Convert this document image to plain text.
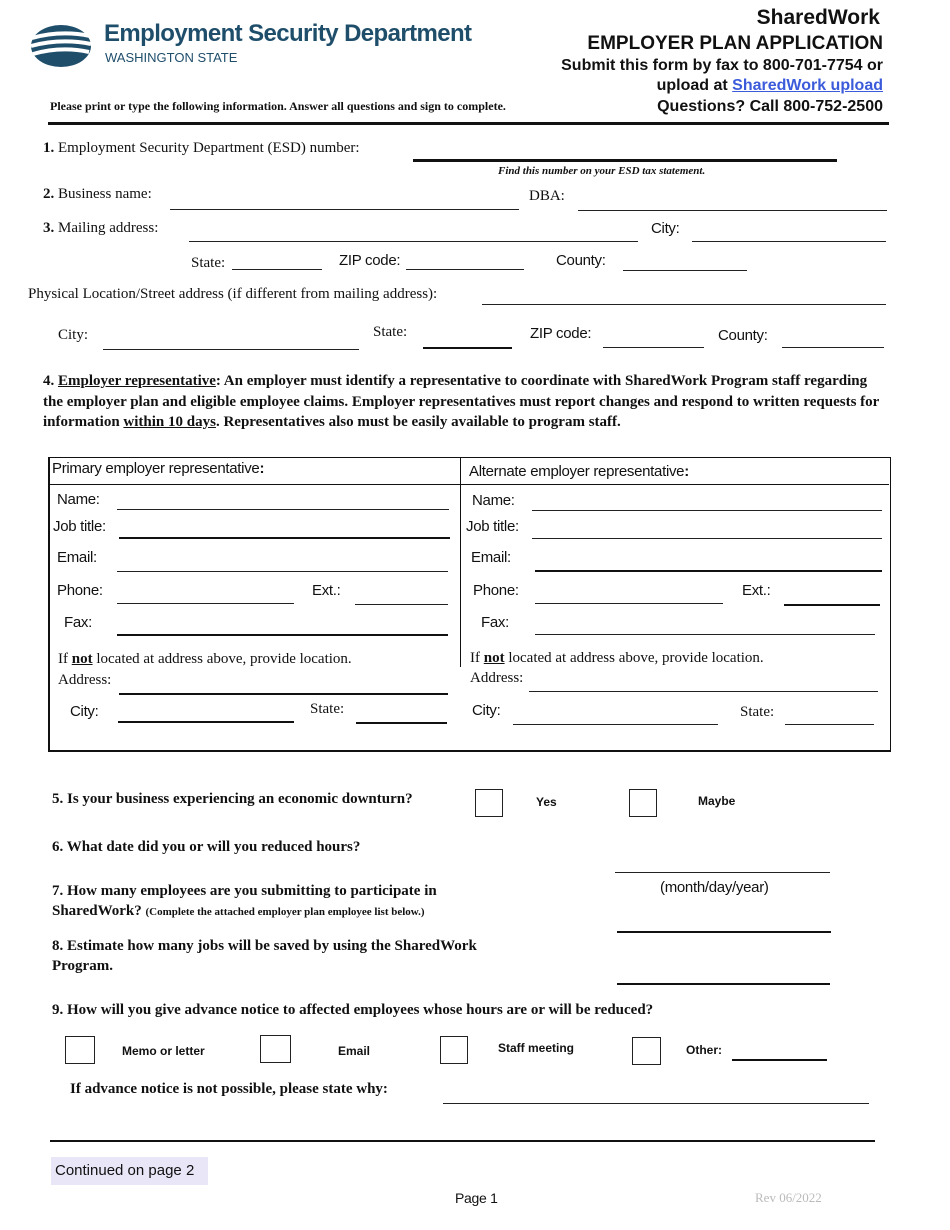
Employment Security Department
WASHINGTON STATE
SharedWork
EMPLOYER PLAN APPLICATION
Submit this form by fax to 800-701-7754 or
upload at SharedWork upload
Questions? Call 800-752-2500
Please print or type the following information. Answer all questions and sign to complete.
1. Employment Security Department (ESD) number:
Find this number on your ESD tax statement.
2. Business name:	DBA:
3. Mailing address:	City:
State:	ZIP code:	County:
Physical Location/Street address (if different from mailing address):
City:	State:	ZIP code:	County:
4. Employer representative: An employer must identify a representative to coordinate with SharedWork Program staff regarding the employer plan and eligible employee claims. Employer representatives must report changes and respond to written requests for information within 10 days. Representatives also must be easily available to program staff.
Primary employer representative:
Name:
Job title:
Email:
Phone:	Ext.:
Fax:
If not located at address above, provide location.
Address:
City:	State:
Alternate employer representative:
Name:
Job title:
Email:
Phone:	Ext.:
Fax:
If not located at address above, provide location.
Address:
City:	State:
5. Is your business experiencing an economic downturn?	Yes	Maybe
6. What date did you or will you reduced hours?
(month/day/year)
7. How many employees are you submitting to participate in
SharedWork? (Complete the attached employer plan employee list below.)
8. Estimate how many jobs will be saved by using the SharedWork
Program.
9. How will you give advance notice to affected employees whose hours are or will be reduced?
Memo or letter	Email	Staff meeting	Other:
If advance notice is not possible, please state why:
Continued on page 2
Page 1	Rev 06/2022
